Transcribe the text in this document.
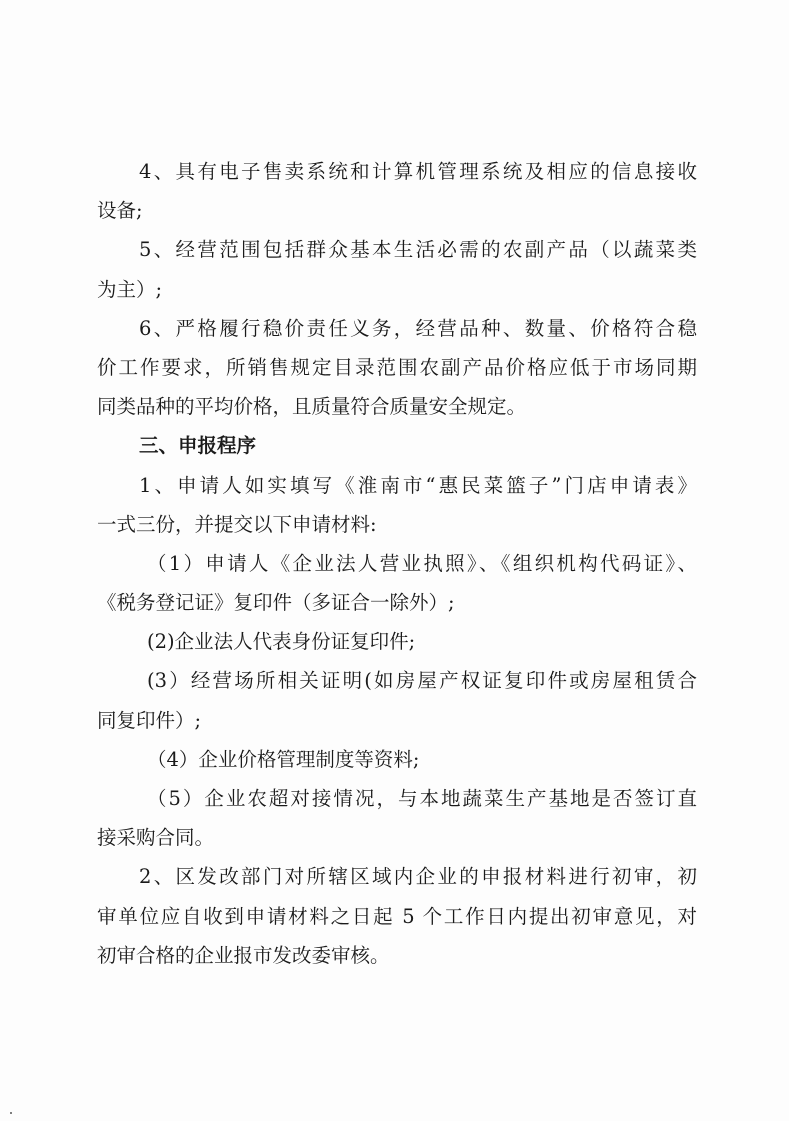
4、具有电子售卖系统和计算机管理系统及相应的信息接收
设备;
5、经营范围包括群众基本生活必需的农副产品（以蔬菜类
为主）;
6、严格履行稳价责任义务，经营品种、数量、价格符合稳
价工作要求，所销售规定目录范围农副产品价格应低于市场同期
同类品种的平均价格，且质量符合质量安全规定。
三、申报程序
1、申请人如实填写《淮南市“惠民菜篮子”门店申请表》
一式三份，并提交以下申请材料:
（1）申请人《企业法人营业执照》、《组织机构代码证》、
《税务登记证》复印件（多证合一除外）;
(2)企业法人代表身份证复印件;
(3）经营场所相关证明(如房屋产权证复印件或房屋租赁合
同复印件）;
（4）企业价格管理制度等资料;
（5）企业农超对接情况，与本地蔬菜生产基地是否签订直
接采购合同。
2、区发改部门对所辖区域内企业的申报材料进行初审，初
审单位应自收到申请材料之日起 5 个工作日内提出初审意见，对
初审合格的企业报市发改委审核。
